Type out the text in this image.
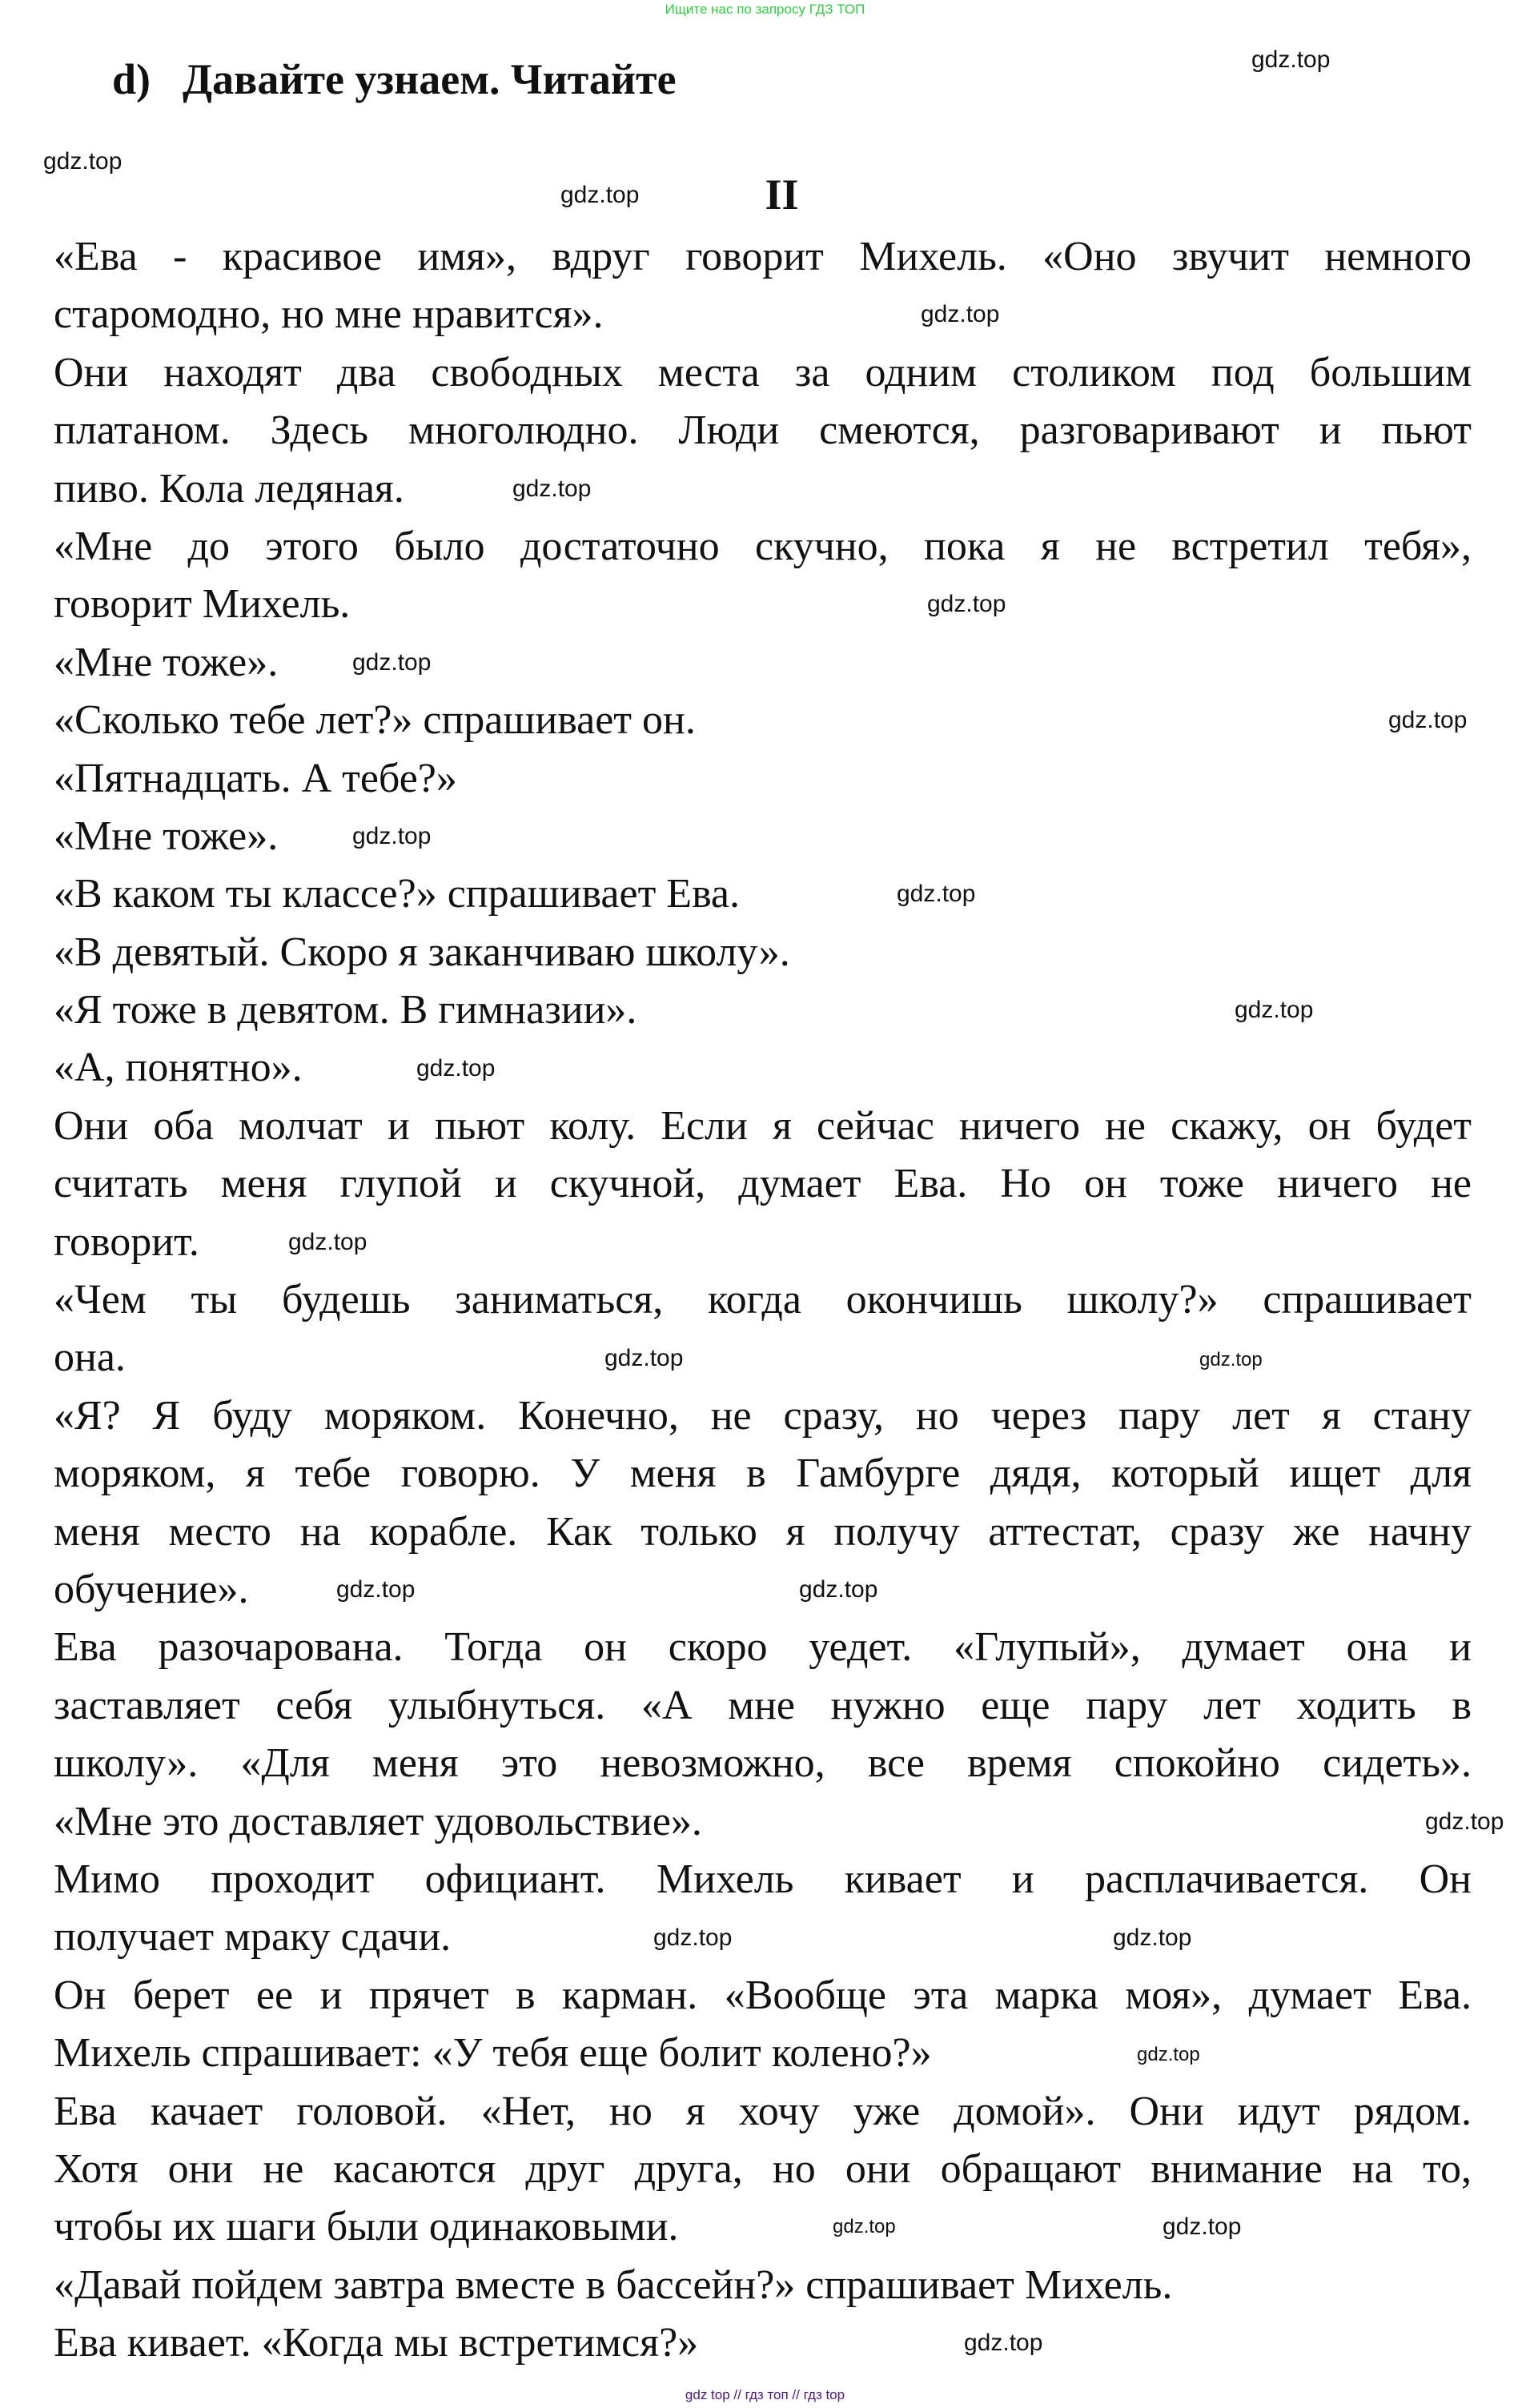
Ищите нас по запросу ГДЗ ТОП
d) Давайте узнаем. Читайте
II
«Ева - красивое имя», вдруг говорит Михель. «Оно звучит немного
старомодно, но мне нравится».
Они находят два свободных места за одним столиком под большим
платаном. Здесь многолюдно. Люди смеются, разговаривают и пьют
пиво. Кола ледяная.
«Мне до этого было достаточно скучно, пока я не встретил тебя»,
говорит Михель.
«Мне тоже».
«Сколько тебе лет?» спрашивает он.
«Пятнадцать. А тебе?»
«Мне тоже».
«В каком ты классе?» спрашивает Ева.
«В девятый. Скоро я заканчиваю школу».
«Я тоже в девятом. В гимназии».
«А, понятно».
Они оба молчат и пьют колу. Если я сейчас ничего не скажу, он будет
считать меня глупой и скучной, думает Ева. Но он тоже ничего не
говорит.
«Чем ты будешь заниматься, когда окончишь школу?» спрашивает
она.
«Я? Я буду моряком. Конечно, не сразу, но через пару лет я стану
моряком, я тебе говорю. У меня в Гамбурге дядя, который ищет для
меня место на корабле. Как только я получу аттестат, сразу же начну
обучение».
Ева разочарована. Тогда он скоро уедет. «Глупый», думает она и
заставляет себя улыбнуться. «А мне нужно еще пару лет ходить в
школу». «Для меня это невозможно, все время спокойно сидеть».
«Мне это доставляет удовольствие».
Мимо проходит официант. Михель кивает и расплачивается. Он
получает мраку сдачи.
Он берет ее и прячет в карман. «Вообще эта марка моя», думает Ева.
Михель спрашивает: «У тебя еще болит колено?»
Ева качает головой. «Нет, но я хочу уже домой». Они идут рядом.
Хотя они не касаются друг друга, но они обращают внимание на то,
чтобы их шаги были одинаковыми.
«Давай пойдем завтра вместе в бассейн?» спрашивает Михель.
Ева кивает. «Когда мы встретимся?»
gdz.top
gdz.top
gdz.top
gdz.top
gdz.top
gdz.top
gdz.top
gdz.top
gdz.top
gdz.top
gdz.top
gdz.top
gdz.top
gdz.top	gdz.top
gdz.top
gdz.top
gdz.top
gdz.top	gdz.top
gdz.top
gdz.top	gdz.top
gdz.top
gdz top // гдз топ // гдз top
